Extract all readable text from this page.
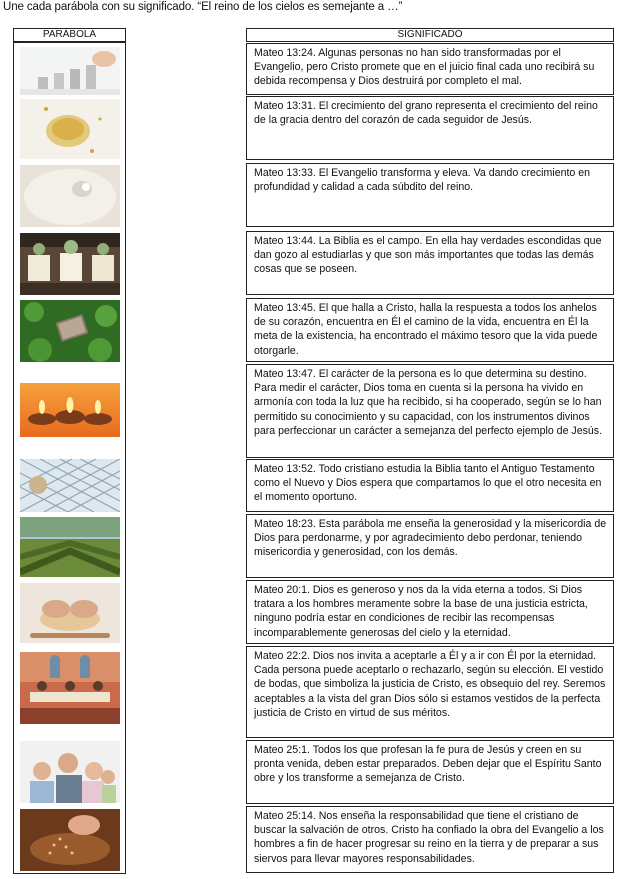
Une cada parábola con su significado. “El reino de los cielos es semejante a …”
PARÁBOLA	SIGNIFICADO
Mateo 13:24. Algunas personas no han sido transformadas por el Evangelio, pero Cristo promete que en el juicio final cada uno recibirá su debida recompensa y Dios destruirá por completo el mal.
Mateo 13:31. El crecimiento del grano representa el crecimiento del reino de la gracia dentro del corazón de cada seguidor de Jesús.
Mateo 13:33. El Evangelio transforma y eleva. Va dando crecimiento en profundidad y calidad a cada súbdito del reino.
Mateo 13:44. La Biblia es el campo. En ella hay verdades escondidas que dan gozo al estudiarlas y que son más importantes que todas las demás cosas que se poseen.
Mateo 13:45. El que halla a Cristo, halla la respuesta a todos los anhelos de su corazón, encuentra en Él el camino de la vida, encuentra en Él la meta de la existencia, ha encontrado el máximo tesoro que la vida puede otorgarle.
Mateo 13:47. El carácter de la persona es lo que determina su destino. Para medir el carácter, Dios toma en cuenta si la persona ha vivido en armonía con toda la luz que ha recibido, si ha cooperado, según se lo han permitido su conocimiento y su capacidad, con los instrumentos divinos para perfeccionar un carácter a semejanza del perfecto ejemplo de Jesús.
Mateo 13:52. Todo cristiano estudia la Biblia tanto el Antiguo Testamento como el Nuevo y Dios espera que compartamos lo que el otro necesita en el momento oportuno.
Mateo 18:23. Esta parábola me enseña la generosidad y la misericordia de Dios para perdonarme, y por agradecimiento debo perdonar, teniendo misericordia y generosidad, con los demás.
Mateo 20:1. Dios es generoso y nos da la vida eterna a todos. Si Dios tratara a los hombres meramente sobre la base de una justicia estricta, ninguno podría estar en condiciones de recibir las recompensas incomparablemente generosas del cielo y la eternidad.
Mateo 22:2. Dios nos invita a aceptarle a Él y a ir con Él por la eternidad. Cada persona puede aceptarlo o rechazarlo, según su elección. El vestido de bodas, que simboliza la justicia de Cristo, es obsequio del rey. Seremos aceptables a la vista del gran Dios sólo si estamos vestidos de la perfecta justicia de Cristo en virtud de sus méritos.
Mateo 25:1. Todos los que profesan la fe pura de Jesús y creen en su pronta venida, deben estar preparados. Deben dejar que el Espíritu Santo obre y los transforme a semejanza de Cristo.
Mateo 25:14. Nos enseña la responsabilidad que tiene el cristiano de buscar la salvación de otros. Cristo ha confiado la obra del Evangelio a los hombres a fin de hacer progresar su reino en la tierra y de preparar a sus siervos para llevar mayores responsabilidades.
